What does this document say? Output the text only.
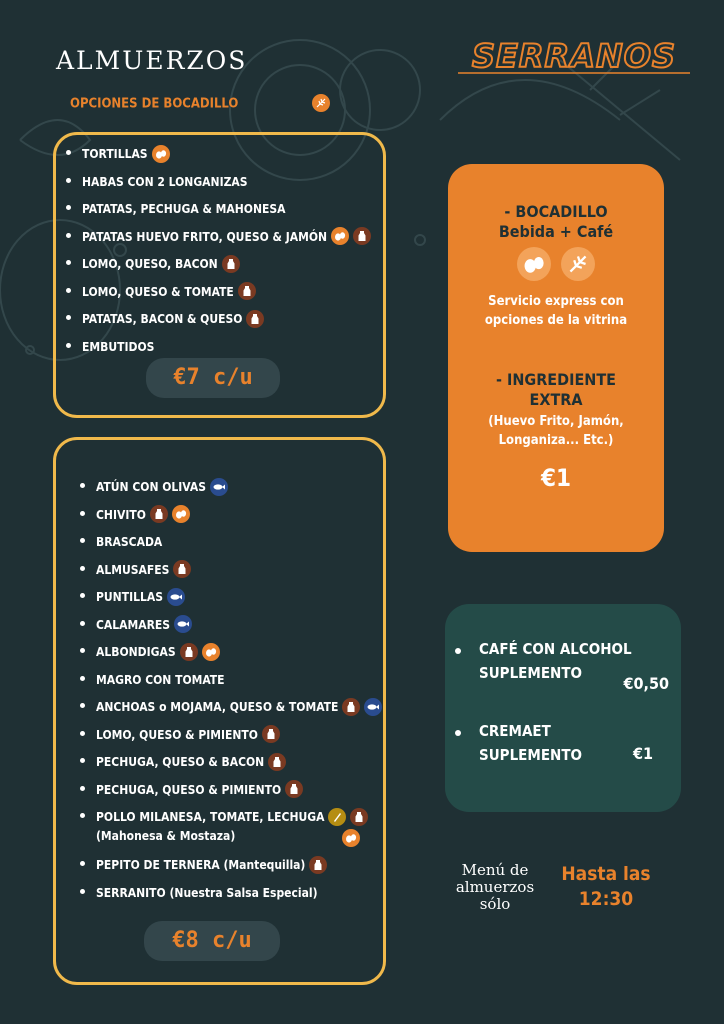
ALMUERZOS
OPCIONES DE BOCADILLO
SERRANOS
TORTILLAS
HABAS CON 2 LONGANIZAS
PATATAS, PECHUGA & MAHONESA
PATATAS HUEVO FRITO, QUESO & JAMÓN
LOMO, QUESO, BACON
LOMO, QUESO & TOMATE
PATATAS, BACON & QUESO
EMBUTIDOS
€7 c/u
ATÚN CON OLIVAS
CHIVITO
BRASCADA
ALMUSAFES
PUNTILLAS
CALAMARES
ALBONDIGAS
MAGRO CON TOMATE
ANCHOAS o MOJAMA, QUESO & TOMATE
LOMO, QUESO & PIMIENTO
PECHUGA, QUESO & BACON
PECHUGA, QUESO & PIMIENTO
POLLO MILANESA, TOMATE, LECHUGA
(Mahonesa & Mostaza)
PEPITO DE TERNERA (Mantequilla)
SERRANITO (Nuestra Salsa Especial)
€8 c/u
- BOCADILLO
Bebida + Café

Servicio express con opciones de la vitrina
- INGREDIENTE
EXTRA
(Huevo Frito, Jamón, Longaniza... Etc.)
€1
CAFÉ CON ALCOHOL
SUPLEMENTO
€0,50
CREMAET
SUPLEMENTO	€1
Menú de almuerzos sólo
Hasta las 12:30
